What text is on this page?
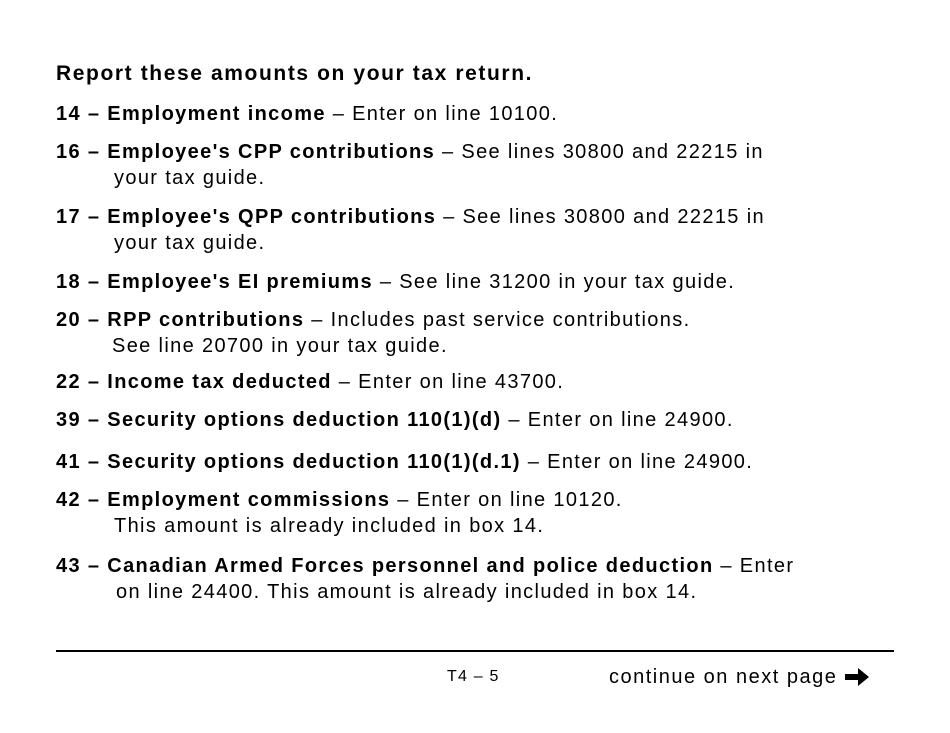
Report these amounts on your tax return.
14 – Employment income – Enter on line 10100.
16 – Employee's CPP contributions – See lines 30800 and 22215 in
your tax guide.
17 – Employee's QPP contributions – See lines 30800 and 22215 in
your tax guide.
18 – Employee's EI premiums – See line 31200 in your tax guide.
20 – RPP contributions – Includes past service contributions.
See line 20700 in your tax guide.
22 – Income tax deducted – Enter on line 43700.
39 – Security options deduction 110(1)(d) – Enter on line 24900.
41 – Security options deduction 110(1)(d.1) – Enter on line 24900.
42 – Employment commissions – Enter on line 10120.
This amount is already included in box 14.
43 – Canadian Armed Forces personnel and police deduction – Enter
on line 24400. This amount is already included in box 14.
T4 – 5	continue on next page
